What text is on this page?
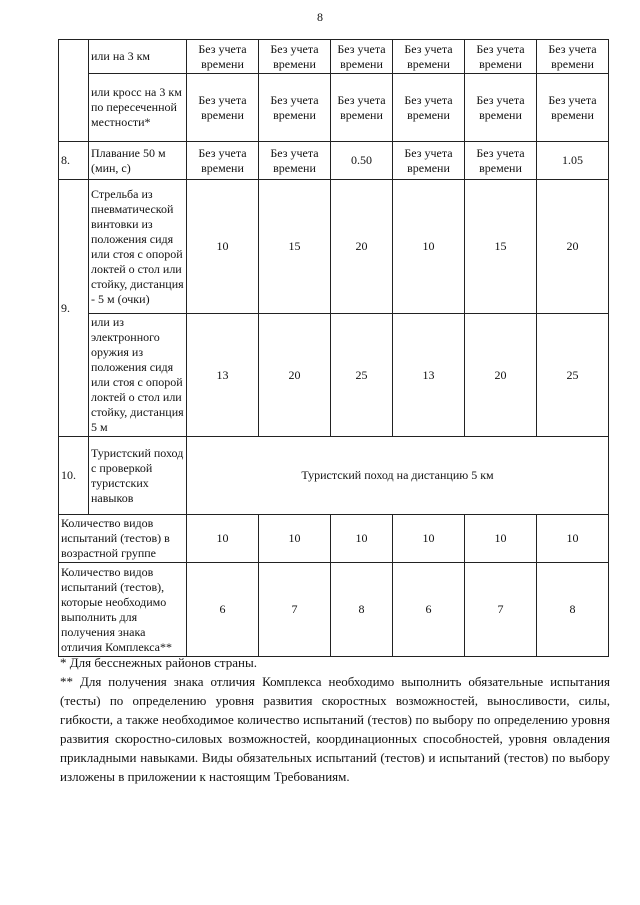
8
	или на 3 км	Без учета времени	Без учета времени	Без учета времени	Без учета времени	Без учета времени	Без учета времени
	или кросс на 3 км по пересеченной местности*	Без учета времени	Без учета времени	Без учета времени	Без учета времени	Без учета времени	Без учета времени
8.	Плавание 50 м (мин, с)	Без учета времени	Без учета времени	0.50	Без учета времени	Без учета времени	1.05
9.	Стрельба из пневматической винтовки из положения сидя или стоя с опорой локтей о стол или стойку, дистанция - 5 м (очки)	10	15	20	10	15	20
	или из электронного оружия из положения сидя или стоя с опорой локтей о стол или стойку, дистанция 5 м	13	20	25	13	20	25
10.	Туристский поход с проверкой туристских навыков	Туристский поход на дистанцию 5 км					
Количество видов испытаний (тестов) в возрастной группе		10	10	10	10	10	10
Количество видов испытаний (тестов), которые необходимо выполнить для получения знака отличия Комплекса**		6	7	8	6	7	8

* Для бесснежных районов страны.

** Для получения знака отличия Комплекса необходимо выполнить обязательные испытания (тесты) по определению уровня развития скоростных возможностей, выносливости, силы, гибкости, а также необходимое количество испытаний (тестов) по выбору по определению уровня развития скоростно-силовых возможностей, координационных способностей, уровня овладения прикладными навыками. Виды обязательных испытаний (тестов) и испытаний (тестов) по выбору изложены в приложении к настоящим Требованиям.
